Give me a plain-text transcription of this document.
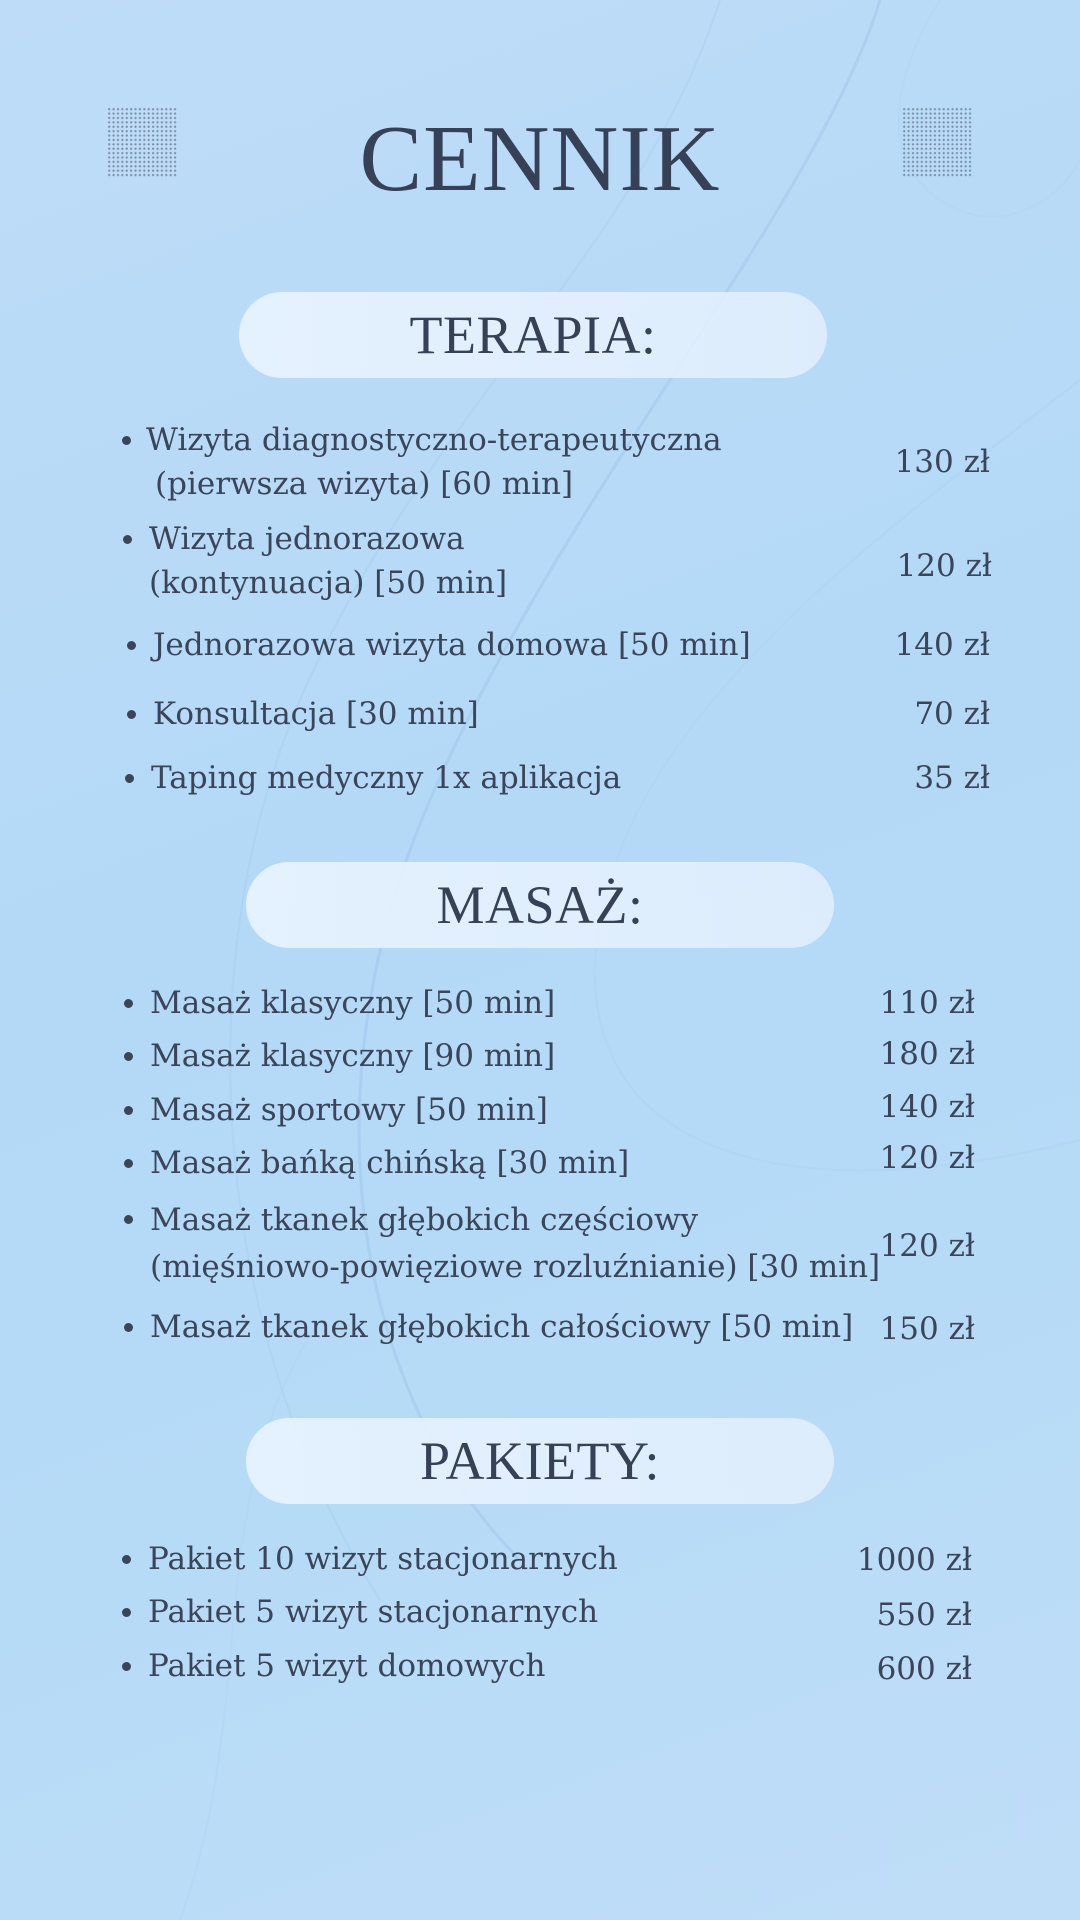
CENNIK
TERAPIA:
Wizyta diagnostyczno-terapeutyczna
(pierwsza wizyta) [60 min]
130 zł
Wizyta jednorazowa
(kontynuacja) [50 min]	120 zł
Jednorazowa wizyta domowa [50 min]	140 zł
Konsultacja [30 min]	70 zł
Taping medyczny 1x aplikacja	35 zł
MASAŻ:
Masaż klasyczny [50 min]	110 zł
Masaż klasyczny [90 min]	180 zł
Masaż sportowy [50 min]	140 zł
Masaż bańką chińską [30 min]	120 zł
Masaż tkanek głębokich częściowy
(mięśniowo-powięziowe rozluźnianie) [30 min]
120 zł
Masaż tkanek głębokich całościowy [50 min] 150 zł
PAKIETY:
Pakiet 10 wizyt stacjonarnych	1000 zł
Pakiet 5 wizyt stacjonarnych	550 zł
Pakiet 5 wizyt domowych	600 zł
